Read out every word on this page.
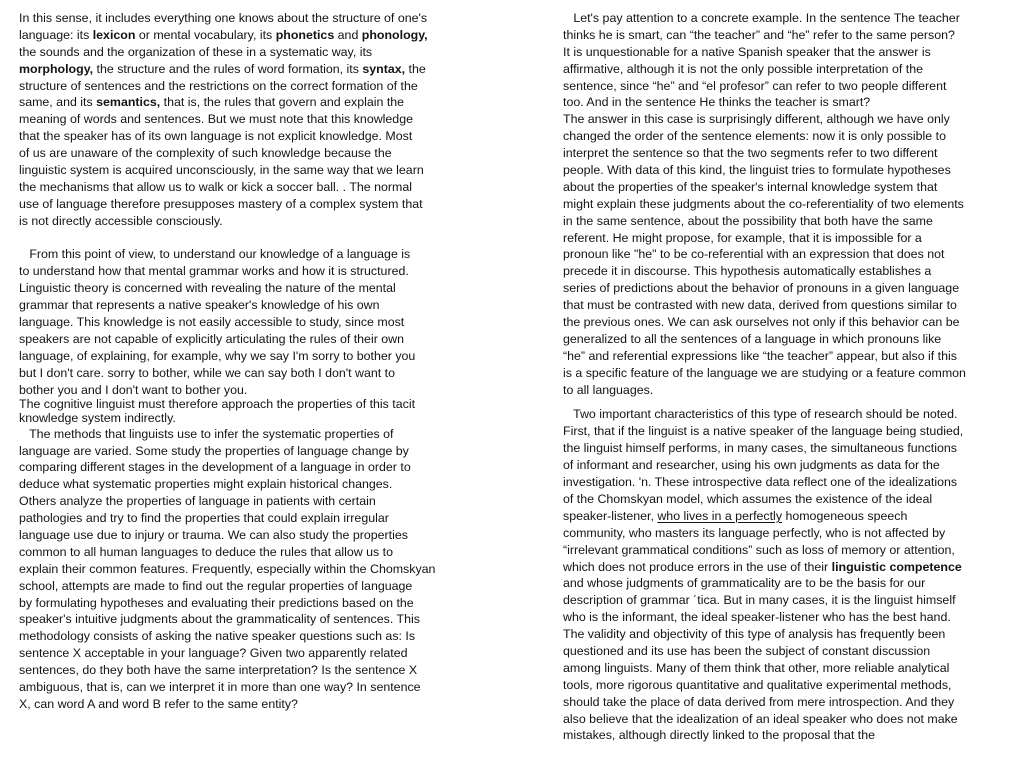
In this sense, it includes everything one knows about the structure of one's
language: its lexicon or mental vocabulary, its phonetics and phonology,
the sounds and the organization of these in a systematic way, its
morphology, the structure and the rules of word formation, its syntax, the
structure of sentences and the restrictions on the correct formation of the
same, and its semantics, that is, the rules that govern and explain the
meaning of words and sentences. But we must note that this knowledge
that the speaker has of its own language is not explicit knowledge. Most
of us are unaware of the complexity of such knowledge because the
linguistic system is acquired unconsciously, in the same way that we learn
the mechanisms that allow us to walk or kick a soccer ball. . The normal
use of language therefore presupposes mastery of a complex system that
is not directly accessible consciously.
From this point of view, to understand our knowledge of a language is
to understand how that mental grammar works and how it is structured.
Linguistic theory is concerned with revealing the nature of the mental
grammar that represents a native speaker's knowledge of his own
language. This knowledge is not easily accessible to study, since most
speakers are not capable of explicitly articulating the rules of their own
language, of explaining, for example, why we say I'm sorry to bother you
but I don't care. sorry to bother, while we can say both I don't want to
bother you and I don't want to bother you.
The cognitive linguist must therefore approach the properties of this tacit
knowledge system indirectly.
The methods that linguists use to infer the systematic properties of
language are varied. Some study the properties of language change by
comparing different stages in the development of a language in order to
deduce what systematic properties might explain historical changes.
Others analyze the properties of language in patients with certain
pathologies and try to find the properties that could explain irregular
language use due to injury or trauma. We can also study the properties
common to all human languages to deduce the rules that allow us to
explain their common features. Frequently, especially within the Chomskyan
school, attempts are made to find out the regular properties of language
by formulating hypotheses and evaluating their predictions based on the
speaker's intuitive judgments about the grammaticality of sentences. This
methodology consists of asking the native speaker questions such as: Is
sentence X acceptable in your language? Given two apparently related
sentences, do they both have the same interpretation? Is the sentence X
ambiguous, that is, can we interpret it in more than one way? In sentence
X, can word A and word B refer to the same entity?
Let's pay attention to a concrete example. In the sentence The teacher
thinks he is smart, can “the teacher” and “he” refer to the same person?
It is unquestionable for a native Spanish speaker that the answer is
affirmative, although it is not the only possible interpretation of the
sentence, since “he” and “el profesor” can refer to two people different
too. And in the sentence He thinks the teacher is smart?
The answer in this case is surprisingly different, although we have only
changed the order of the sentence elements: now it is only possible to
interpret the sentence so that the two segments refer to two different
people. With data of this kind, the linguist tries to formulate hypotheses
about the properties of the speaker's internal knowledge system that
might explain these judgments about the co-referentiality of two elements
in the same sentence, about the possibility that both have the same
referent. He might propose, for example, that it is impossible for a
pronoun like "he" to be co-referential with an expression that does not
precede it in discourse. This hypothesis automatically establishes a
series of predictions about the behavior of pronouns in a given language
that must be contrasted with new data, derived from questions similar to
the previous ones. We can ask ourselves not only if this behavior can be
generalized to all the sentences of a language in which pronouns like
“he” and referential expressions like “the teacher” appear, but also if this
is a specific feature of the language we are studying or a feature common
to all languages.
Two important characteristics of this type of research should be noted.
First, that if the linguist is a native speaker of the language being studied,
the linguist himself performs, in many cases, the simultaneous functions
of informant and researcher, using his own judgments as data for the
investigation. 'n. These introspective data reflect one of the idealizations
of the Chomskyan model, which assumes the existence of the ideal
speaker-listener, who lives in a perfectly homogeneous speech
community, who masters its language perfectly, who is not affected by
“irrelevant grammatical conditions” such as loss of memory or attention,
which does not produce errors in the use of their linguistic competence
and whose judgments of grammaticality are to be the basis for our
description of grammar ´tica. But in many cases, it is the linguist himself
who is the informant, the ideal speaker-listener who has the best hand.
The validity and objectivity of this type of analysis has frequently been
questioned and its use has been the subject of constant discussion
among linguists. Many of them think that other, more reliable analytical
tools, more rigorous quantitative and qualitative experimental methods,
should take the place of data derived from mere introspection. And they
also believe that the idealization of an ideal speaker who does not make
mistakes, although directly linked to the proposal that the
